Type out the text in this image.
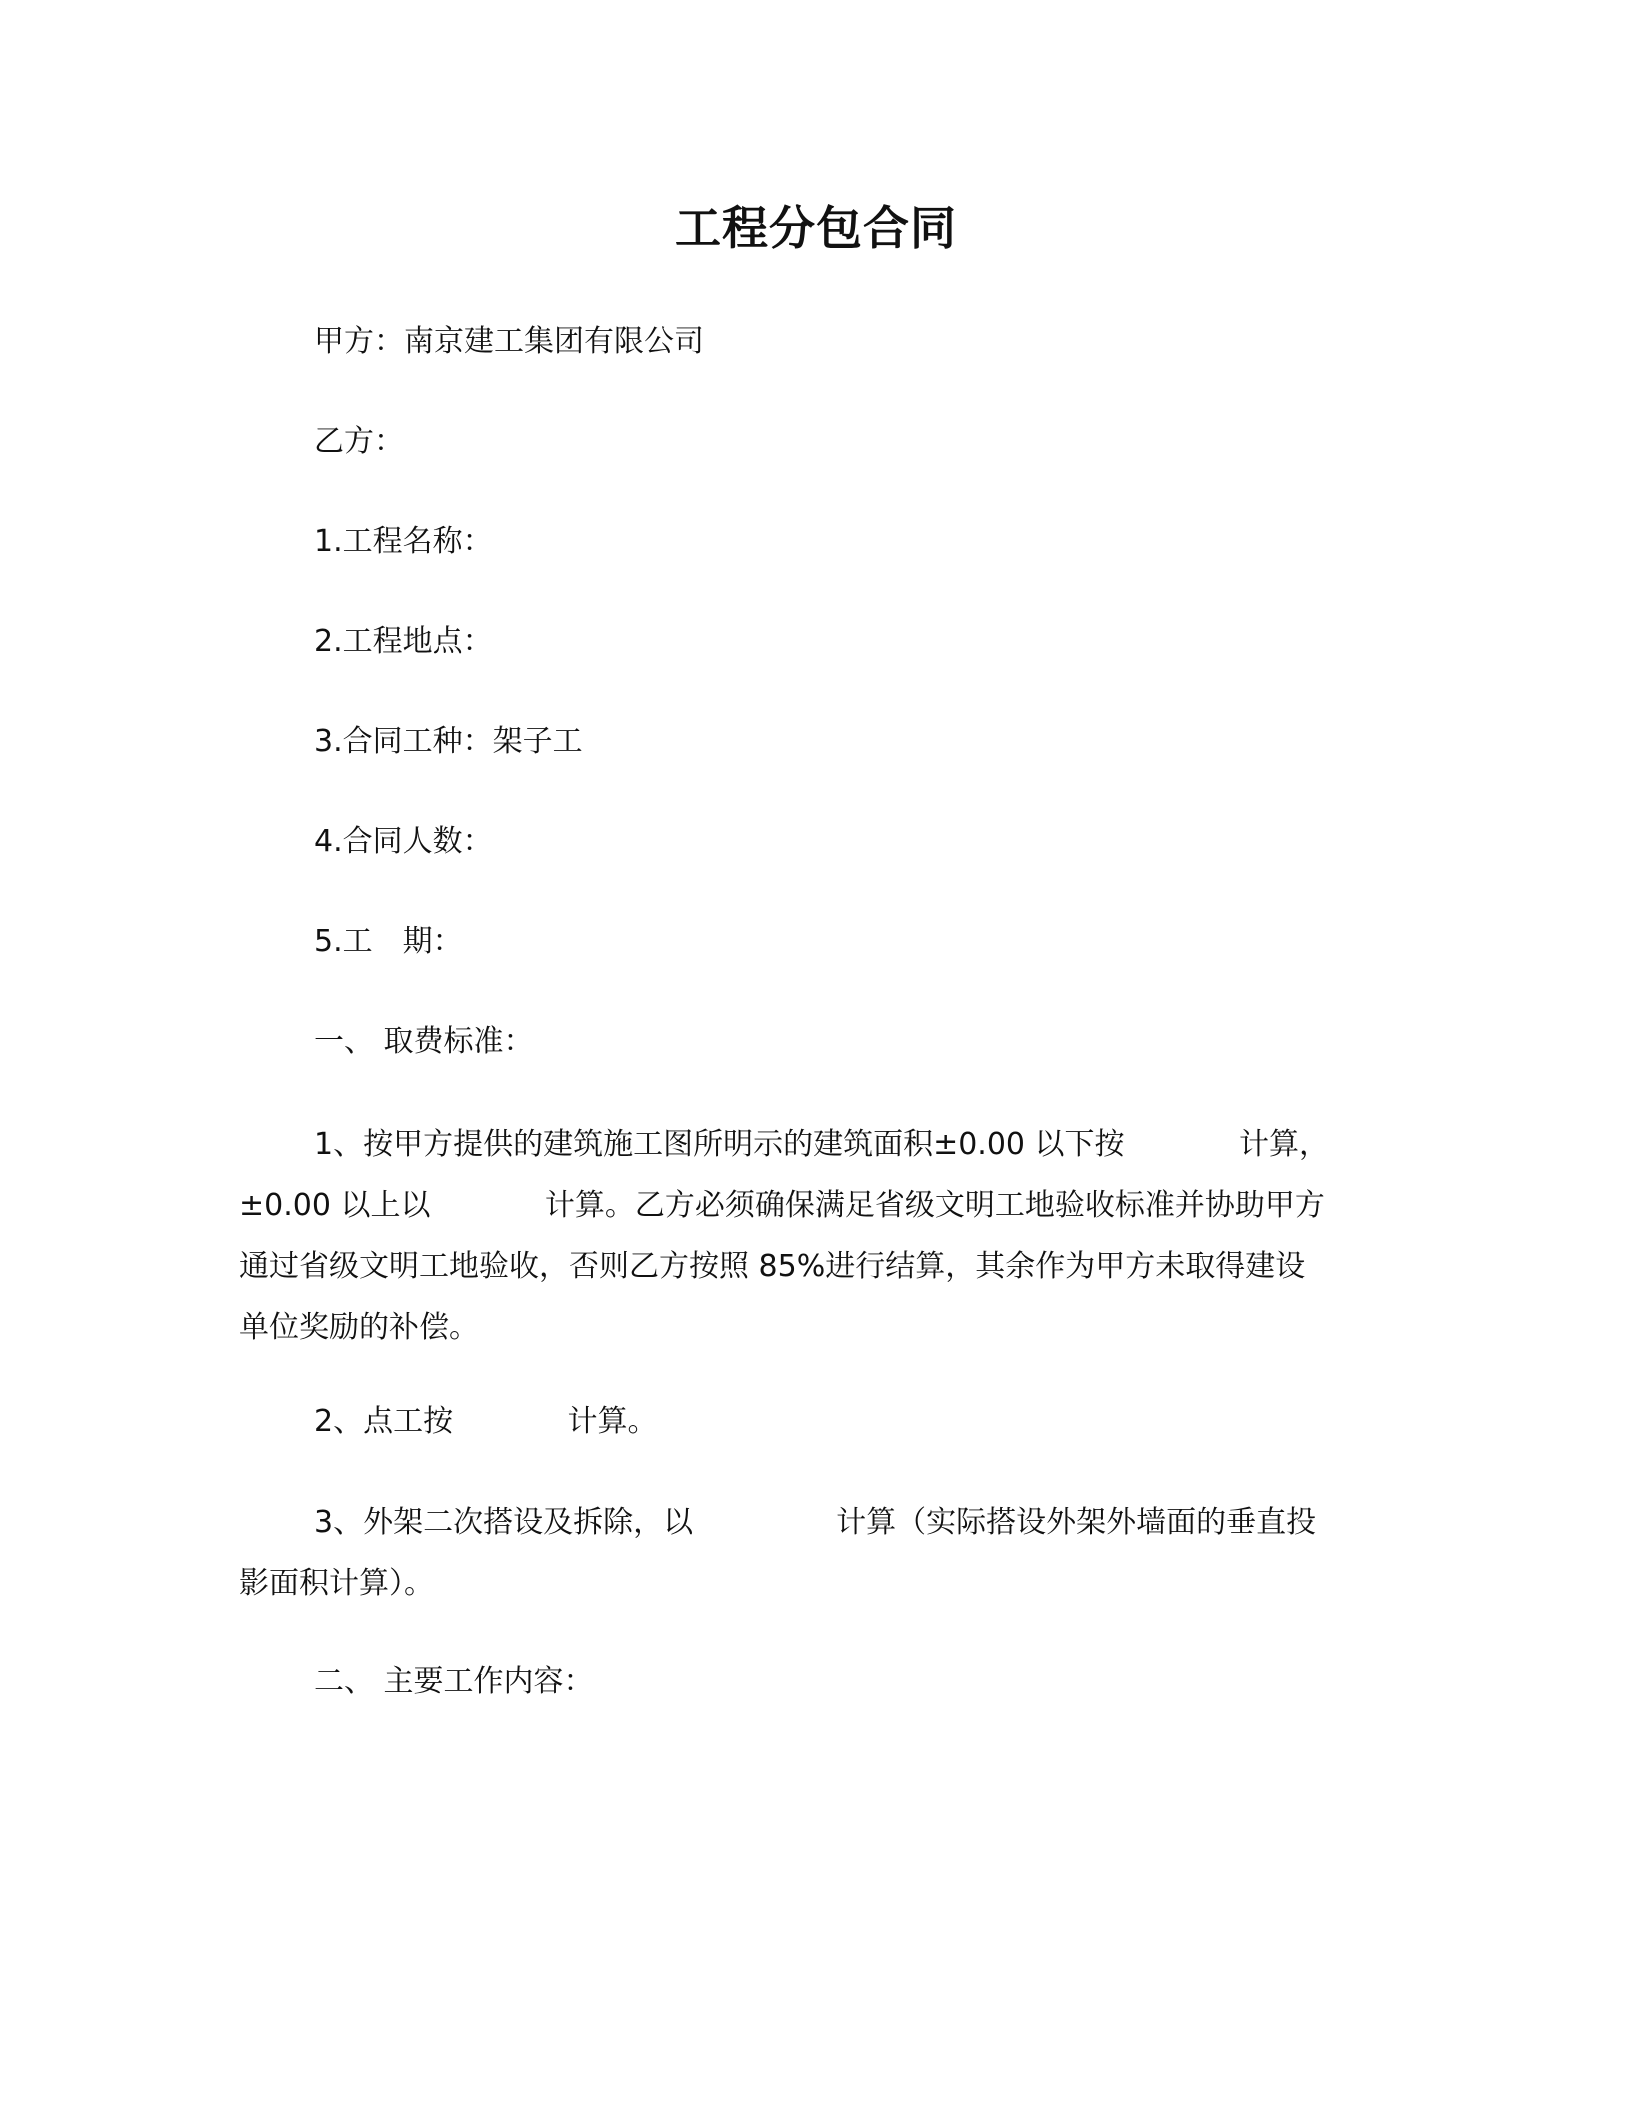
工程分包合同
甲方：南京建工集团有限公司
乙方：
1.工程名称：
2.工程地点：
3.合同工种：架子工
4.合同人数：
5.工　期：
一、 取费标准：
1、按甲方提供的建筑施工图所明示的建筑面积±0.00 以下按            计算，
±0.00 以上以            计算。乙方必须确保满足省级文明工地验收标准并协助甲方
通过省级文明工地验收，否则乙方按照 85%进行结算，其余作为甲方未取得建设
单位奖励的补偿。
2、点工按            计算。
3、外架二次搭设及拆除，以               计算（实际搭设外架外墙面的垂直投
影面积计算）。
二、 主要工作内容：
